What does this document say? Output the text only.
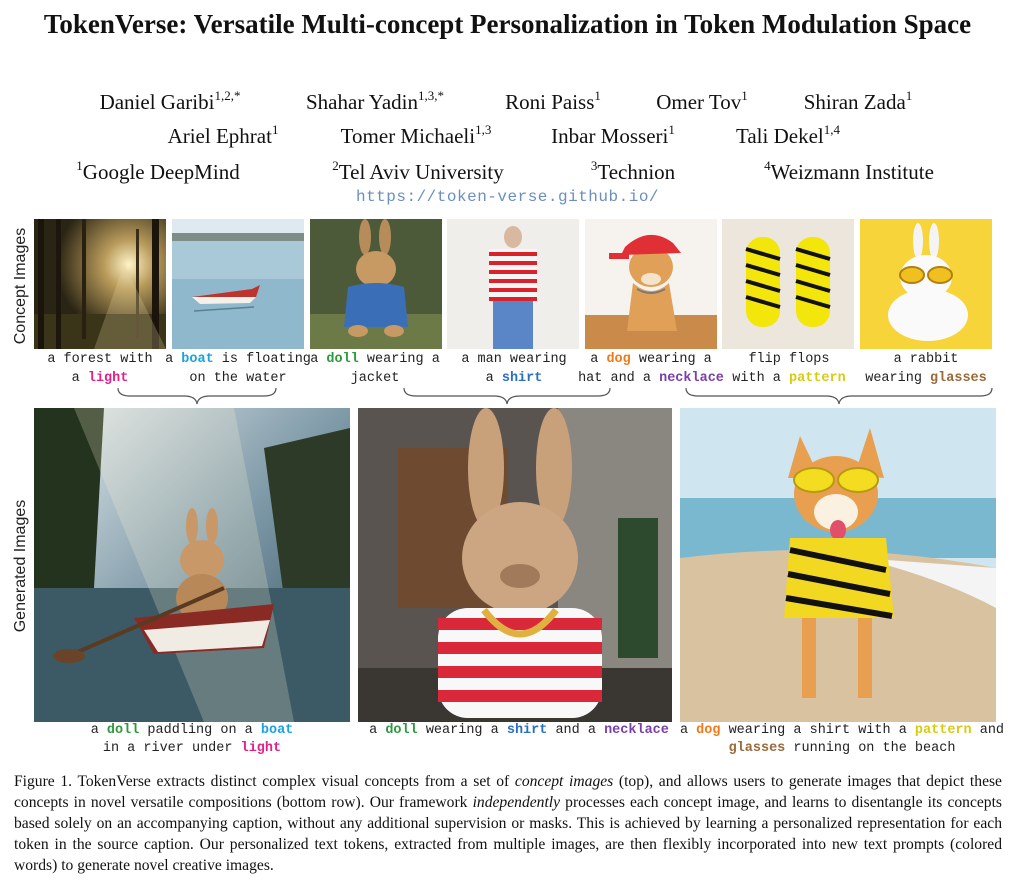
TokenVerse: Versatile Multi-concept Personalization in Token Modulation Space
Daniel Garibi$^{1,2,*}$	Shahar Yadin$^{1,3,*}$	Roni Paiss$^1$	Omer Tov$^1$	Shiran Zada$^1$
Ariel Ephrat$^1$	Tomer Michaeli$^{1,3}$	Inbar Mosseri$^1$	Tali Dekel$^{1,4}$
$^1$Google DeepMind	$^2$Tel Aviv University	$^3$Technion	$^4$Weizmann Institute
https://token-verse.github.io/
Concept Images
Generated Images
a forest with
a light
a boat is floating
on the water
a doll wearing a
jacket
a man wearing
a shirt
a dog wearing a
hat and a necklace
flip flops
with a pattern
a rabbit
wearing glasses
a doll paddling on a boat
in a river under light
a doll wearing a shirt and a necklace a dog wearing a shirt with a pattern and
glasses running on the beach

Figure 1. TokenVerse extracts distinct complex visual concepts from a set of concept images (top), and allows users to generate images that depict these concepts in novel versatile compositions (bottom row). Our framework independently processes each concept image, and learns to disentangle its concepts based solely on an accompanying caption, without any additional supervision or masks. This is achieved by learning a personalized representation for each token in the source caption. Our personalized text tokens, extracted from multiple images, are then flexibly incorporated into new text prompts (colored words) to generate novel creative images.
